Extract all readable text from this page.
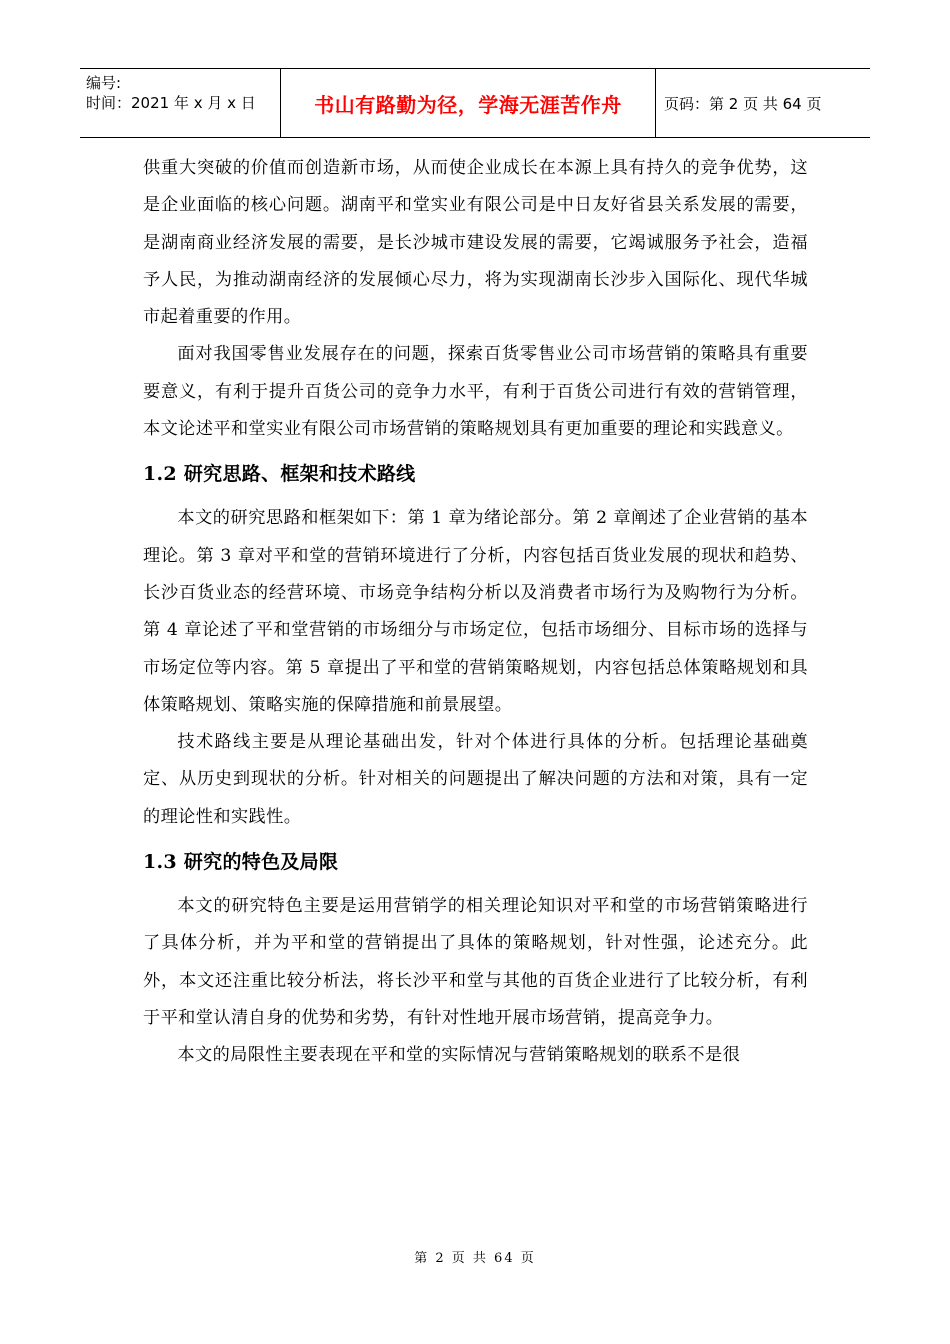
编号:
时间：2021 年 x 月 x 日	书山有路勤为径，学海无涯苦作舟	页码：第 2 页 共 64 页

供重大突破的价值而创造新市场，从而使企业成长在本源上具有持久的竞争优势，这是企业面临的核心问题。湖南平和堂实业有限公司是中日友好省县关系发展的需要，是湖南商业经济发展的需要，是长沙城市建设发展的需要，它竭诚服务予社会，造福予人民，为推动湖南经济的发展倾心尽力，将为实现湖南长沙步入国际化、现代华城市起着重要的作用。

面对我国零售业发展存在的问题，探索百货零售业公司市场营销的策略具有重要要意义，有利于提升百货公司的竞争力水平，有利于百货公司进行有效的营销管理，本文论述平和堂实业有限公司市场营销的策略规划具有更加重要的理论和实践意义。

1.2 研究思路、框架和技术路线

本文的研究思路和框架如下：第 1 章为绪论部分。第 2 章阐述了企业营销的基本理论。第 3 章对平和堂的营销环境进行了分析，内容包括百货业发展的现状和趋势、长沙百货业态的经营环境、市场竞争结构分析以及消费者市场行为及购物行为分析。第 4 章论述了平和堂营销的市场细分与市场定位，包括市场细分、目标市场的选择与市场定位等内容。第 5 章提出了平和堂的营销策略规划，内容包括总体策略规划和具体策略规划、策略实施的保障措施和前景展望。

技术路线主要是从理论基础出发，针对个体进行具体的分析。包括理论基础奠定、从历史到现状的分析。针对相关的问题提出了解决问题的方法和对策，具有一定的理论性和实践性。

1.3 研究的特色及局限

本文的研究特色主要是运用营销学的相关理论知识对平和堂的市场营销策略进行了具体分析，并为平和堂的营销提出了具体的策略规划，针对性强，论述充分。此外，本文还注重比较分析法，将长沙平和堂与其他的百货企业进行了比较分析，有利于平和堂认清自身的优势和劣势，有针对性地开展市场营销，提高竞争力。

本文的局限性主要表现在平和堂的实际情况与营销策略规划的联系不是很

第 2 页 共 64 页
